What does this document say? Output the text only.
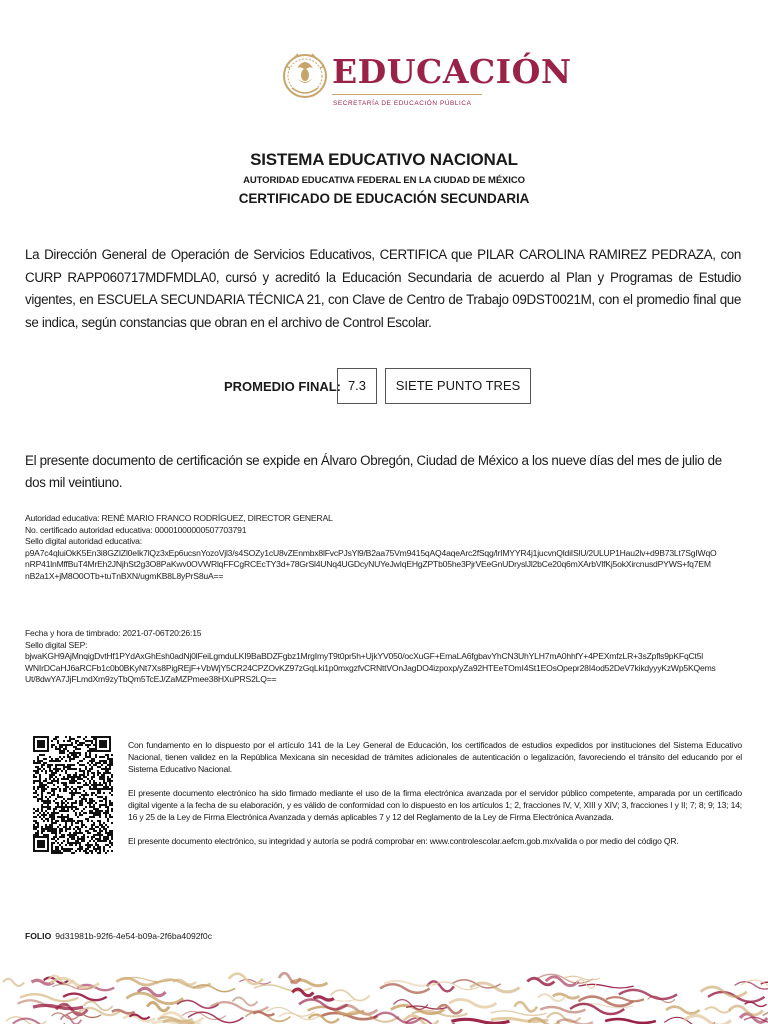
EDUCACIÓN
SECRETARÍA DE EDUCACIÓN PÚBLICA

SISTEMA EDUCATIVO NACIONAL

AUTORIDAD EDUCATIVA FEDERAL EN LA CIUDAD DE MÉXICO

CERTIFICADO DE EDUCACIÓN SECUNDARIA

La Dirección General de Operación de Servicios Educativos, CERTIFICA que PILAR CAROLINA RAMIREZ PEDRAZA, con CURP RAPP060717MDFMDLA0, cursó y acreditó la Educación Secundaria de acuerdo al Plan y Programas de Estudio vigentes, en ESCUELA SECUNDARIA TÉCNICA 21, con Clave de Centro de Trabajo 09DST0021M, con el promedio final que se indica, según constancias que obran en el archivo de Control Escolar.
PROMEDIO FINAL: 7.3	SIETE PUNTO TRES
El presente documento de certificación se expide en Álvaro Obregón, Ciudad de México a los nueve días del mes de julio de dos mil veintiuno.
Autoridad educativa: RENÉ MARIO FRANCO RODRÍGUEZ, DIRECTOR GENERAL
No. certificado autoridad educativa: 00001000000507703791
Sello digital autoridad educativa:
p9A7c4qluiOkK5En3i8GZIZl0eIk7lQz3xEp6ucsnYozoVjl3/s4SOZy1cU8vZEnmbx8lFvcPJsYl9/B2aa75Vm9415qAQ4aqeArc2fSqg/lrIMYYR4j1jucvnQldiISlU/2ULUP1Hau2lv+d9B73Lt7SgIWqO
nRP41lnMffBuT4MrEh2JNjhSt2g3O8PaKwv0OVWRlqFFCgRCEcTY3d+78GrSl4UNq4UGDcyNUYeJwIqEHgZPTb05he3PjrVEeGnUDryslJl2bCe20q6mXArbVlfKj5okXircnusdPYWS+fq7EM
nB2a1X+jM8O0OTb+tuTnBXN/ugmKB8L8yPrS8uA==
Fecha y hora de timbrado: 2021-07-06T20:26:15
Sello digital SEP:
bjwaKGH9AjMnqigDvtHf1PYdAxGhEsh0adNj0lFeiLgmduLKI9BaBDZFgbz1MrgImyT9t0pr5h+UjkYV050/ocXuGF+EmaLA6fgbavYhCN3UhYLH7mA0hhfY+4PEXmfzLR+3sZpfls9pKFqCt5l
WNIrDCaHJ6aRCFb1c0b0BKyNt7Xs8PigREjF+VbWjY5CR24CPZOvKZ97zGqLki1p0mxgzfvCRNttVOnJagDO4izpoxp/yZa92HTEeTOmI4St1EOsOpepr28I4od52DeV7kikdyyyKzWp5KQems
Ut/8dwYA7JjFLmdXm9zyTbQm5TcEJ/ZaMZPmee38HXuPRS2LQ==

Con fundamento en lo dispuesto por el artículo 141 de la Ley General de Educación, los certificados de estudios expedidos por instituciones del Sistema Educativo Nacional, tienen validez en la República Mexicana sin necesidad de trámites adicionales de autenticación o legalización, favoreciendo el tránsito del educando por el Sistema Educativo Nacional.

El presente documento electrónico ha sido firmado mediante el uso de la firma electrónica avanzada por el servidor público competente, amparada por un certificado digital vigente a la fecha de su elaboración, y es válido de conformidad con lo dispuesto en los artículos 1; 2, fracciones IV, V, XIII y XIV; 3, fracciones I y II; 7; 8; 9; 13; 14; 16 y 25 de la Ley de Firma Electrónica Avanzada y demás aplicables 7 y 12 del Reglamento de la Ley de Firma Electrónica Avanzada.

El presente documento electrónico, su integridad y autoría se podrá comprobar en: www.controlescolar.aefcm.gob.mx/valida o por medio del código QR.

FOLIO 9d31981b-92f6-4e54-b09a-2f6ba4092f0c
